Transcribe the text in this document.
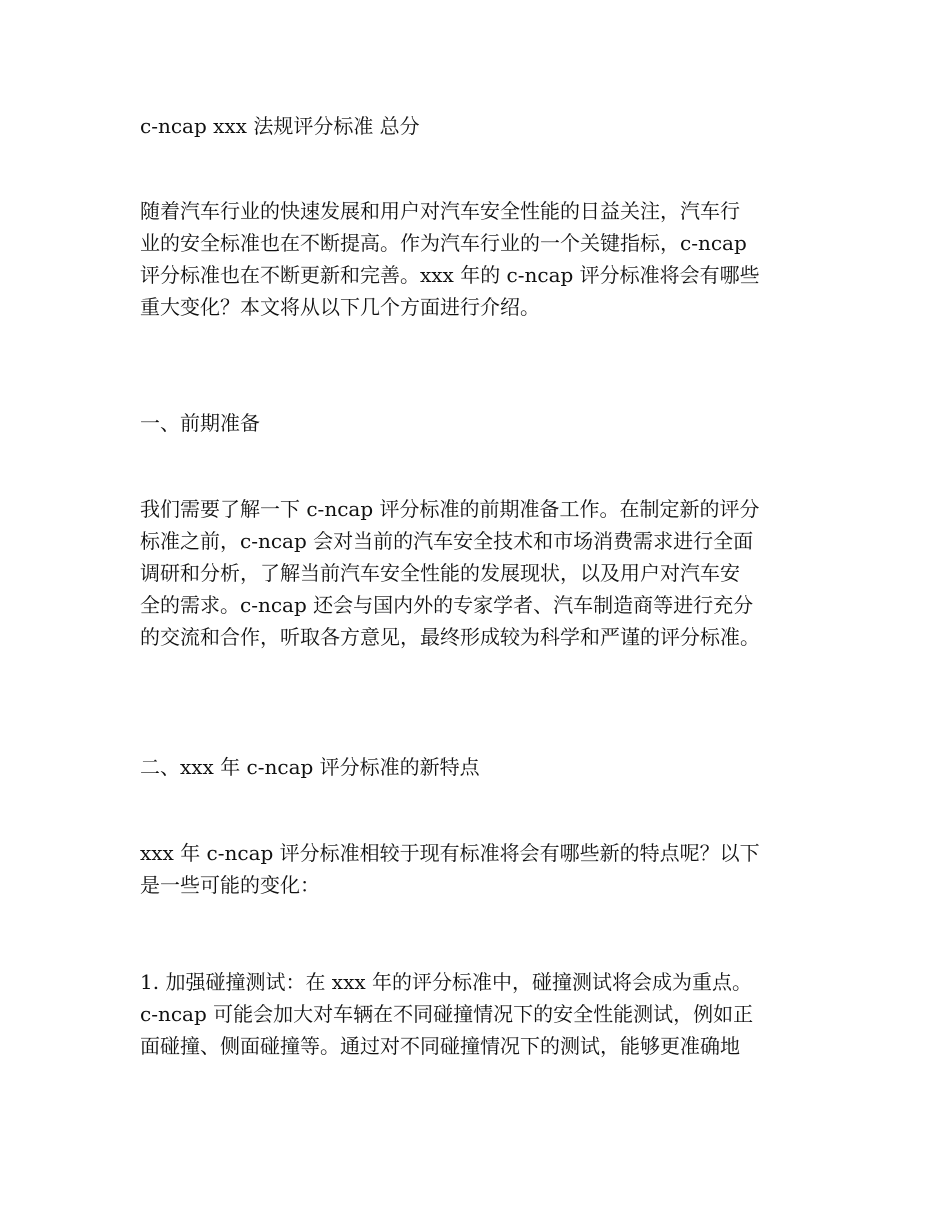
c-ncap xxx 法规评分标准 总分
随着汽车行业的快速发展和用户对汽车安全性能的日益关注，汽车行
业的安全标准也在不断提高。作为汽车行业的一个关键指标，c-ncap
评分标准也在不断更新和完善。xxx 年的 c-ncap 评分标准将会有哪些
重大变化？本文将从以下几个方面进行介绍。
一、前期准备
我们需要了解一下 c-ncap 评分标准的前期准备工作。在制定新的评分
标准之前，c-ncap 会对当前的汽车安全技术和市场消费需求进行全面
调研和分析，了解当前汽车安全性能的发展现状，以及用户对汽车安
全的需求。c-ncap 还会与国内外的专家学者、汽车制造商等进行充分
的交流和合作，听取各方意见，最终形成较为科学和严谨的评分标准。
二、xxx 年 c-ncap 评分标准的新特点
xxx 年 c-ncap 评分标准相较于现有标准将会有哪些新的特点呢？以下
是一些可能的变化：
1. 加强碰撞测试：在 xxx 年的评分标准中，碰撞测试将会成为重点。
c-ncap 可能会加大对车辆在不同碰撞情况下的安全性能测试，例如正
面碰撞、侧面碰撞等。通过对不同碰撞情况下的测试，能够更准确地
